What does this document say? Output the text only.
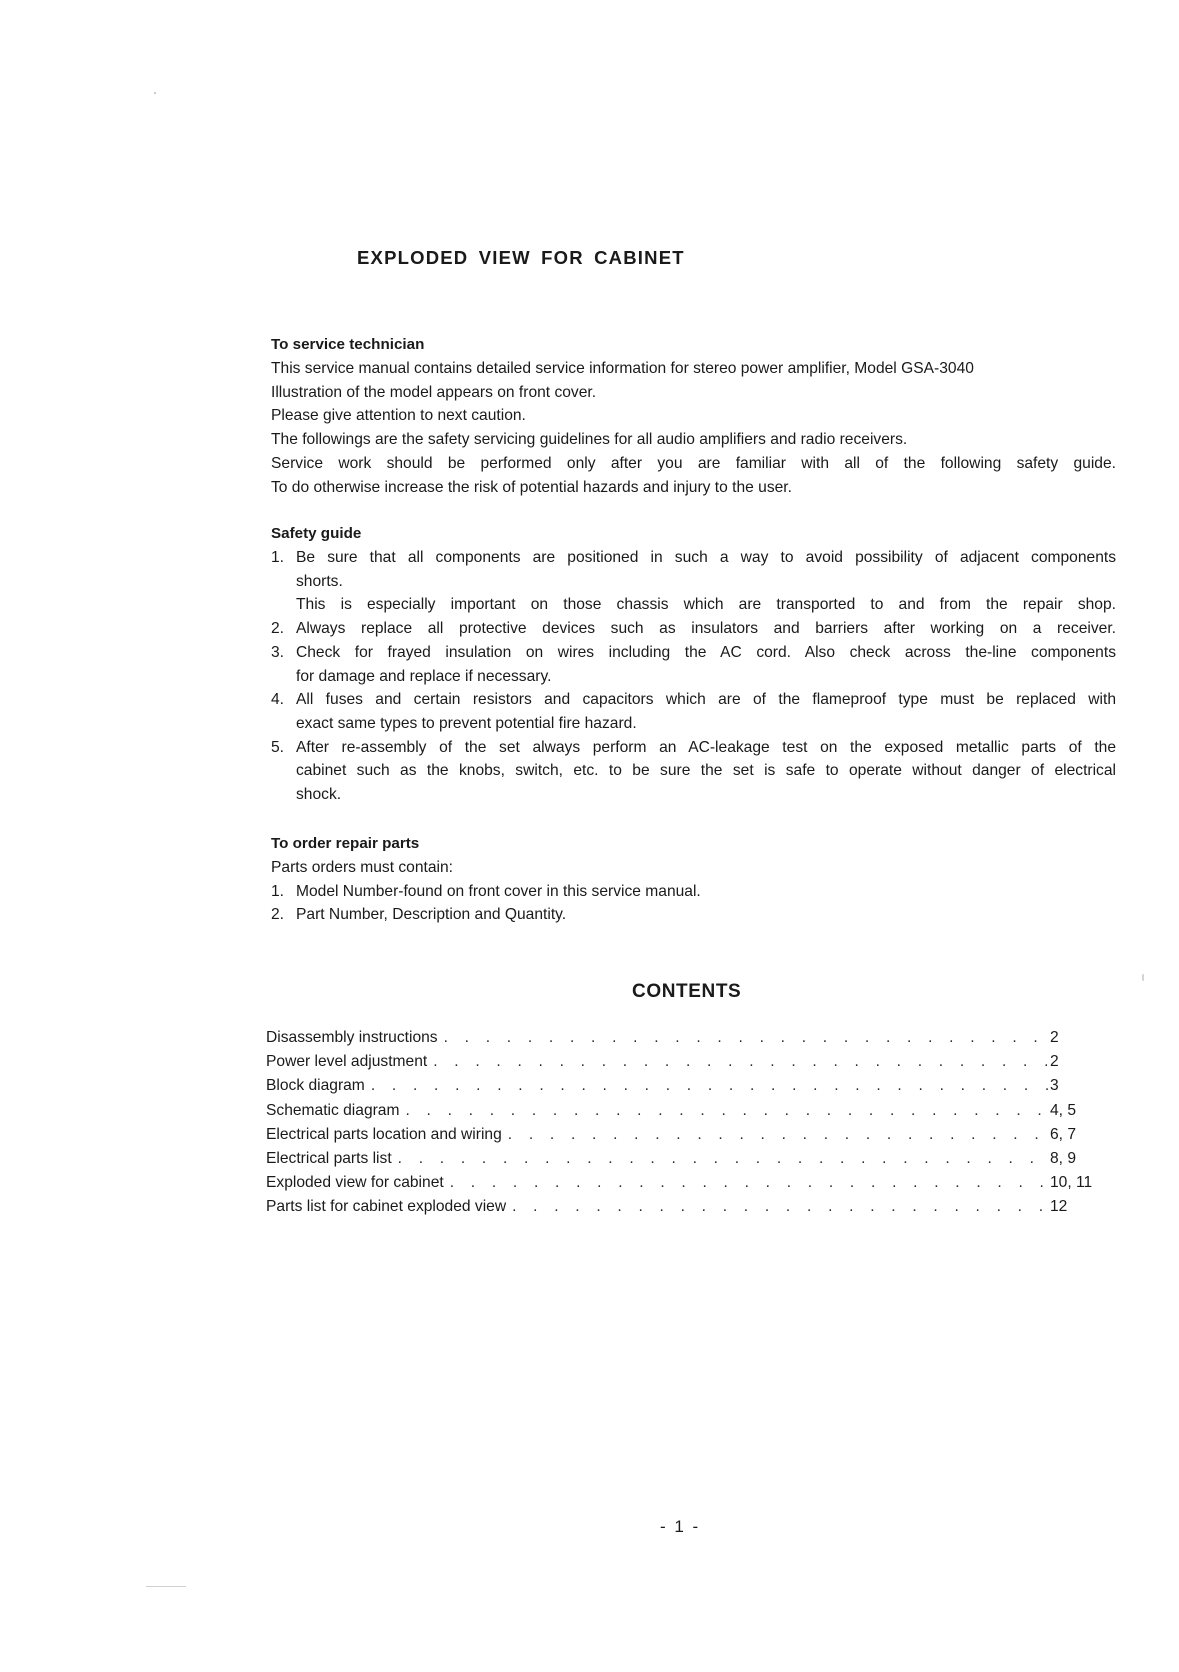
EXPLODED VIEW FOR CABINET
To service technician
This service manual contains detailed service information for stereo power amplifier, Model GSA-3040
Illustration of the model appears on front cover.
Please give attention to next caution.
The followings are the safety servicing guidelines for all audio amplifiers and radio receivers.
Service work should be performed only after you are familiar with all of the following safety guide.
To do otherwise increase the risk of potential hazards and injury to the user.
Safety guide
1. Be sure that all components are positioned in such a way to avoid possibility of adjacent components

shorts.

This is especially important on those chassis which are transported to and from the repair shop.

2. Always replace all protective devices such as insulators and barriers after working on a receiver.

3. Check for frayed insulation on wires including the AC cord. Also check across the-line components

for damage and replace if necessary.

4. All fuses and certain resistors and capacitors which are of the flameproof type must be replaced with

exact same types to prevent potential fire hazard.

5. After re-assembly of the set always perform an AC-leakage test on the exposed metallic parts of the

cabinet such as the knobs, switch, etc. to be sure the set is safe to operate without danger of electrical

shock.

To order repair parts
Parts orders must contain:
1. Model Number-found on front cover in this service manual.
2. Part Number, Description and Quantity.
CONTENTS
Disassembly instructions . . .	2
Power level adjustment . . .	2
Block diagram . . .	3
Schematic diagram . . .	4, 5
Electrical parts location and wiring . . .	6, 7
Electrical parts list . . .	8, 9
Exploded view for cabinet . . .	10, 11
Parts list for cabinet exploded view . . .	12
- 1 -
